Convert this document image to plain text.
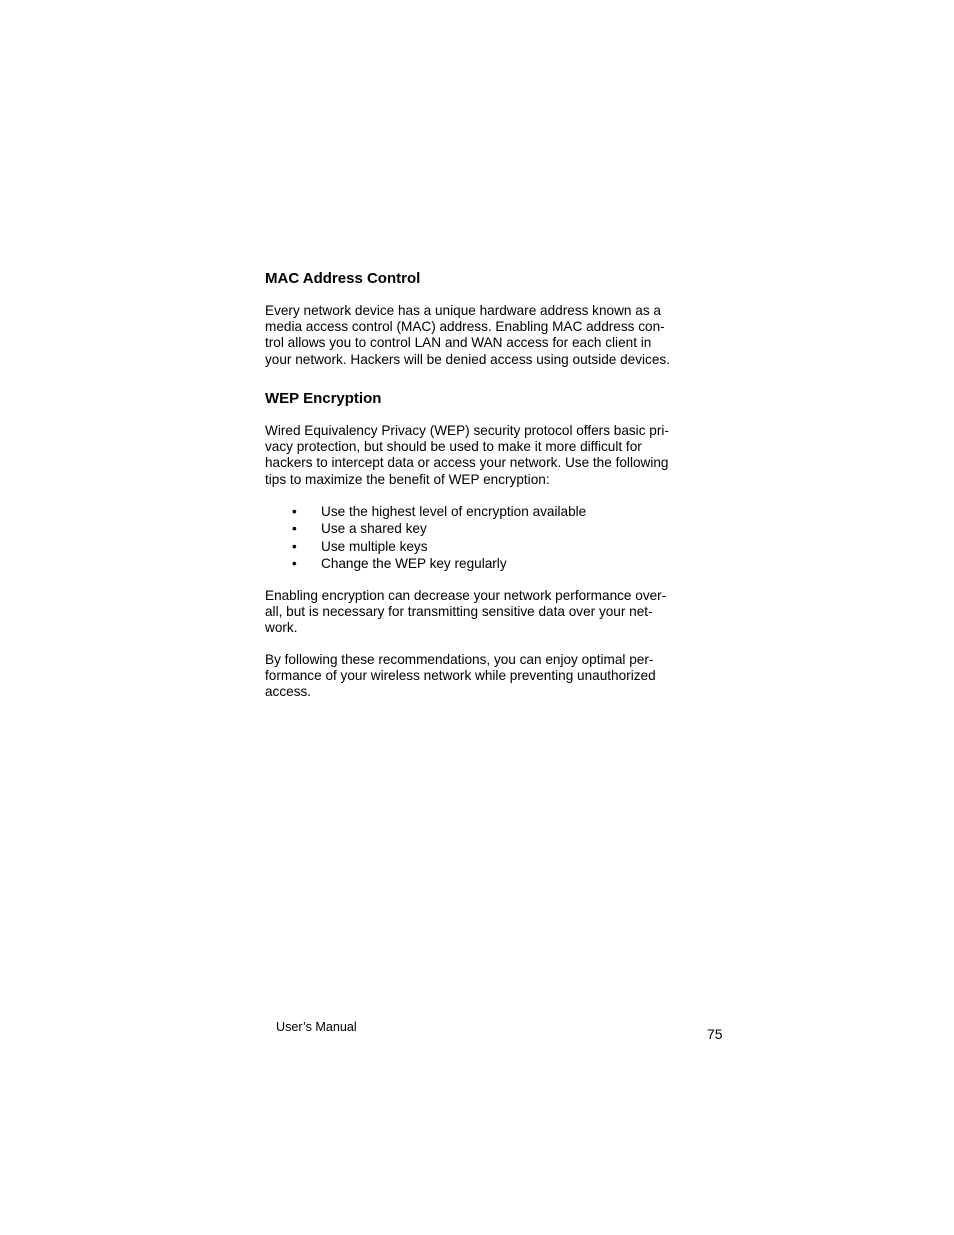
MAC Address Control

Every network device has a unique hardware address known as a
media access control (MAC) address. Enabling MAC address con-
trol allows you to control LAN and WAN access for each client in
your network. Hackers will be denied access using outside devices.

WEP Encryption

Wired Equivalency Privacy (WEP) security protocol offers basic pri-
vacy protection, but should be used to make it more difficult for
hackers to intercept data or access your network. Use the following
tips to maximize the benefit of WEP encryption:

• Use the highest level of encryption available
• Use a shared key
• Use multiple keys
• Change the WEP key regularly

Enabling encryption can decrease your network performance over-
all, but is necessary for transmitting sensitive data over your net-
work.

By following these recommendations, you can enjoy optimal per-
formance of your wireless network while preventing unauthorized
access.

User’s Manual	75
